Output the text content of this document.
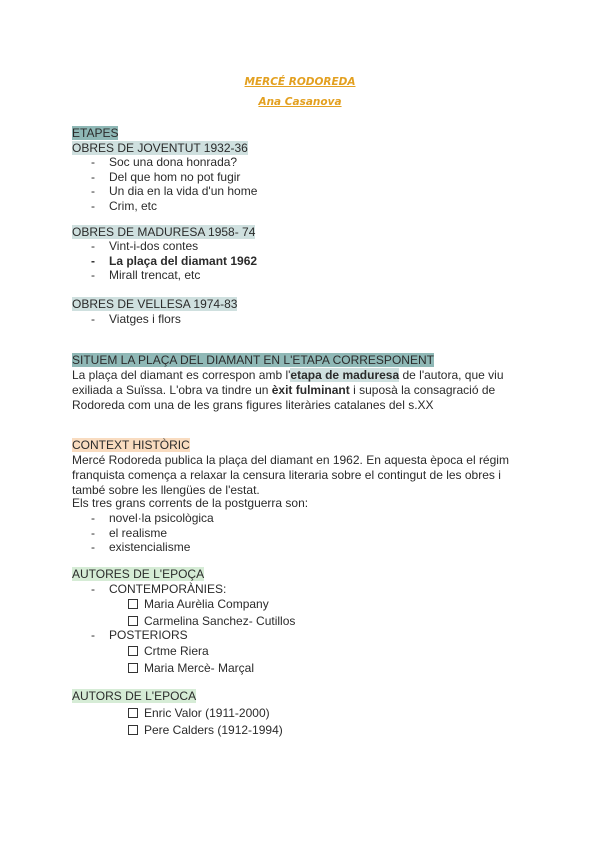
MERCÉ RODOREDA
Ana Casanova
ETAPES
OBRES DE JOVENTUT 1932-36
- Soc una dona honrada?
- Del que hom no pot fugir
- Un dia en la vida d'un home
- Crim, etc
OBRES DE MADURESA 1958- 74
- Vint-i-dos contes
- La plaça del diamant 1962
- Mirall trencat, etc
OBRES DE VELLESA 1974-83
- Viatges i flors
SITUEM LA PLAÇA DEL DIAMANT EN L'ETAPA CORRESPONENT
La plaça del diamant es correspon amb l'etapa de maduresa de l'autora, que viu exiliada a Suïssa. L'obra va tindre un èxit fulminant i suposà la consagració de Rodoreda com una de les grans figures literàries catalanes del s.XX
CONTEXT HISTÒRIC
Mercé Rodoreda publica la plaça del diamant en 1962. En aquesta època el régim franquista comença a relaxar la censura literaria sobre el contingut de les obres i també sobre les llengües de l'estat.
Els tres grans corrents de la postguerra son:
- novel·la psicològica
- el realisme
- existencialisme
AUTORES DE L'EPOÇA
- CONTEMPORÀNIES:
Maria Aurèlia Company
Carmelina Sanchez- Cutillos
- POSTERIORS
Crtme Riera
Maria Mercè- Marçal
AUTORS DE L'EPOCA
Enric Valor (1911-2000)
Pere Calders (1912-1994)
